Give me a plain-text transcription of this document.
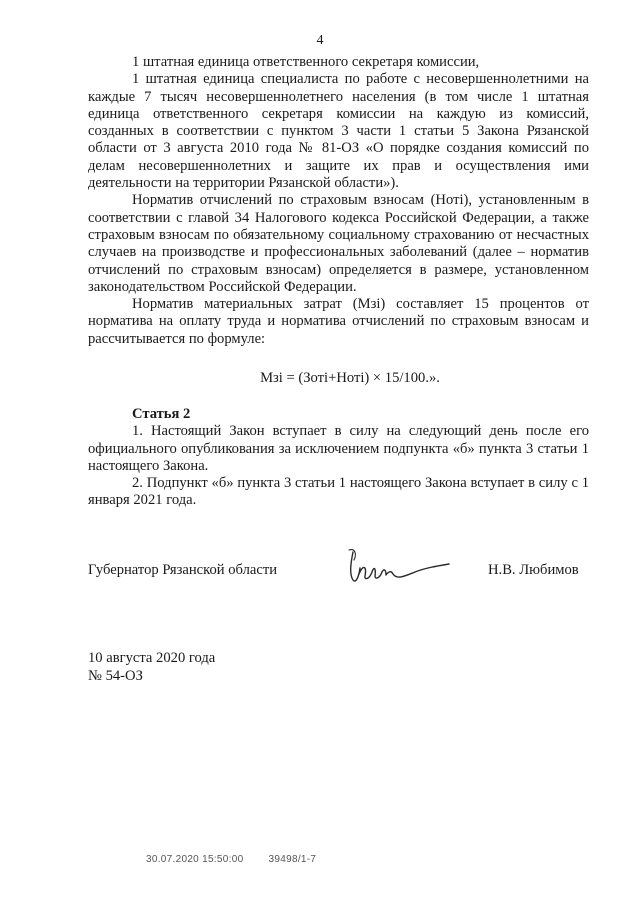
4

1 штатная единица ответственного секретаря комиссии,

1 штатная единица специалиста по работе с несовершеннолетними на каждые 7 тысяч несовершеннолетнего населения (в том числе 1 штатная единица ответственного секретаря комиссии на каждую из комиссий, созданных в соответствии с пунктом 3 части 1 статьи 5 Закона Рязанской области от 3 августа 2010 года № 81-ОЗ «О порядке создания комиссий по делам несовершеннолетних и защите их прав и осуществления ими деятельности на территории Рязанской области»).

Норматив отчислений по страховым взносам (Нотi), установленным в соответствии с главой 34 Налогового кодекса Российской Федерации, а также страховым взносам по обязательному социальному страхованию от несчастных случаев на производстве и профессиональных заболеваний (далее – норматив отчислений по страховым взносам) определяется в размере, установленном законодательством Российской Федерации.

Норматив материальных затрат (Мзi) составляет 15 процентов от норматива на оплату труда и норматива отчислений по страховым взносам и рассчитывается по формуле:

Мзi = (Зотi+Нотi) × 15/100.».

Статья 2

1. Настоящий Закон вступает в силу на следующий день после его официального опубликования за исключением подпункта «б» пункта 3 статьи 1 настоящего Закона.

2. Подпункт «б» пункта 3 статьи 1 настоящего Закона вступает в силу с 1 января 2021 года.

Губернатор Рязанской области	Н.В. Любимов
10 августа 2020 года
№ 54-ОЗ
30.07.2020 15:50:00	39498/1-7
